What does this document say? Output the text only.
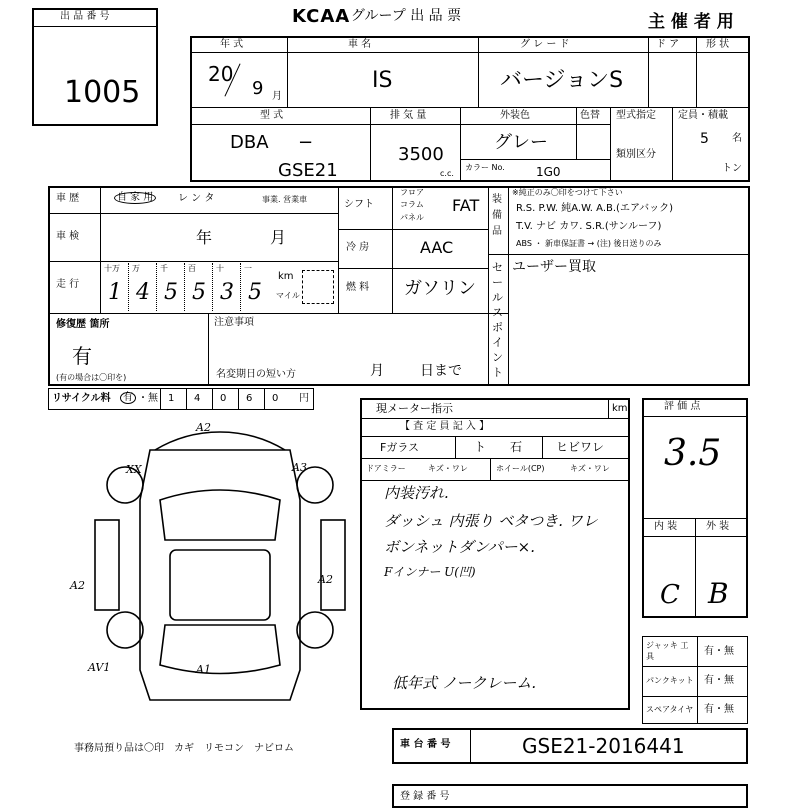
出 品 番 号
1005
KCAA
. グループ 出 品 票	主 催 者 用
年 式
20
9 月
車 名
IS
グ レ ー ド
バージョンS
ド ア	形 状
型 式
DBA −
GSE21
排 気 量
3500
c.c.
外装色
グレー
色替
カラー No.	1G0
型式指定
類別区分
定員・積載
5 名
トン
車 歴	自 家 用	レ ン タ	事業. 営業車
車 検	年	月
走 行
十万 万	千	百	十	一
1 4 5 5 3 5
km
マイル
シフト
フロア
コラム
パネル
FAT
冷 房	AAC
燃 料 ガソリン
装備品
※純正のみ〇印をつけて下さい
R.S. P.W. 純A.W. A.B.(エアバック)
T.V. ナビ カワ. S.R.(サンルーフ)
ABS ・ 新車保証書 → (注) 後日送りのみ
セールスポイント
ユーザー買取
修復歴 箇所
有
(有の場合は〇印を)
注意事項
名変期日の短い方	月	日まで
リサイクル料	有 ・無 1 4 0 6 0 円
A2
XX	A3
A2	A2
A1
AV1
事務局預り品は〇印　カギ　リモコン　ナビロム
現メーター指示	km
【 査 定 員 記 入 】
Fガラス	ト 石	ヒビワレ
ドアミラー	キズ・ワレ	ホイール(CP)	キズ・ワレ
内装汚れ.
ダッシュ 内張り ベタつき. ワレ
ボンネットダンパー×.
Fインナー U(凹)
低年式 ノークレーム.
評 価 点
3.5
内 装	外 装
C B
ジャッキ 工具	有・無
パンクキット 有・無
スペアタイヤ 有・無
車 台 番 号	GSE21-2016441
登 録 番 号
